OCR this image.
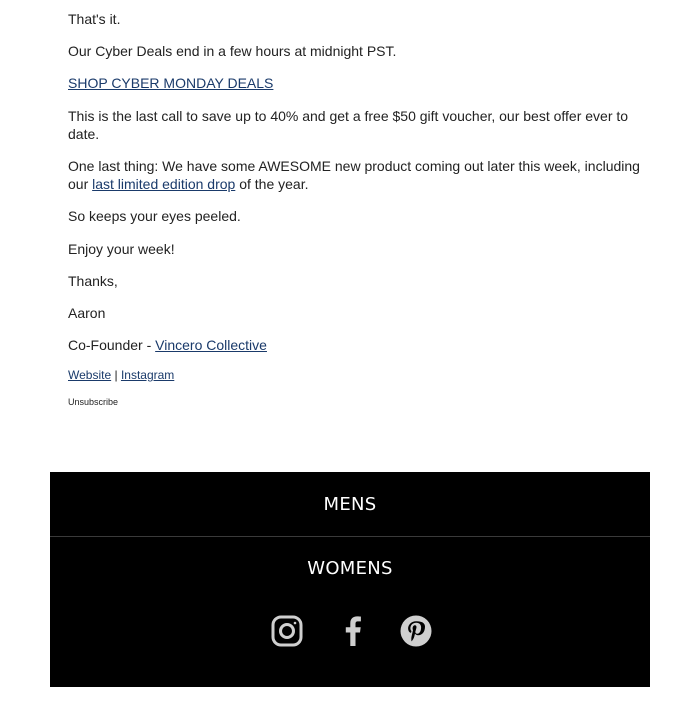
That's it.

Our Cyber Deals end in a few hours at midnight PST.

SHOP CYBER MONDAY DEALS

This is the last call to save up to 40% and get a free $50 gift voucher, our best offer ever to date.

One last thing: We have some AWESOME new product coming out later this week, including our last limited edition drop of the year.

So keeps your eyes peeled.

Enjoy your week!

Thanks,

Aaron

Co-Founder - Vincero Collective

Website | Instagram

Unsubscribe

MENS
WOMENS
